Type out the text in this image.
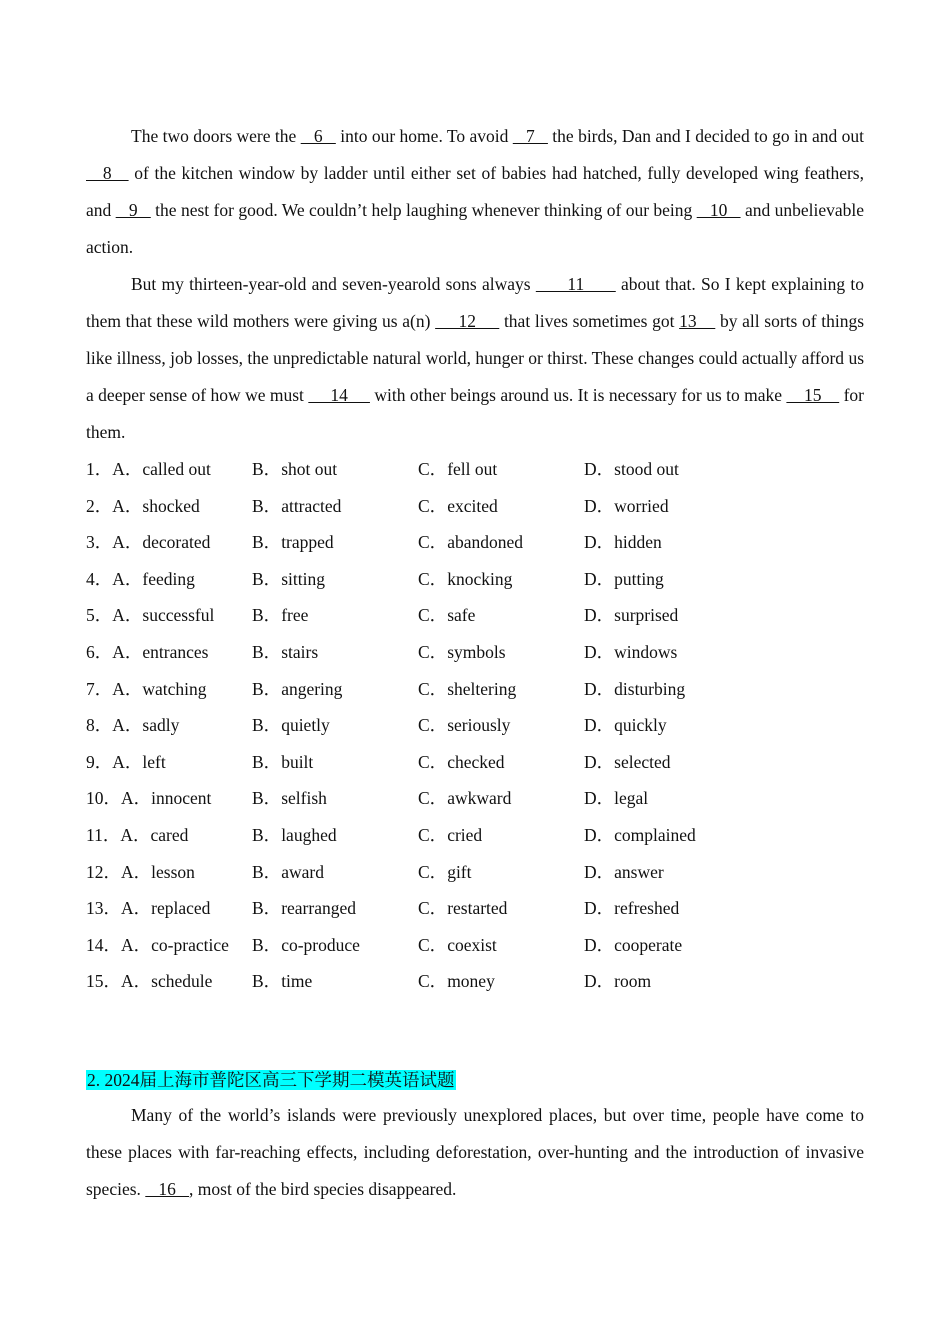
The two doors were the    6    into our home. To avoid    7    the birds, Dan and I decided to go in and out    8    of the kitchen window by ladder until either set of babies had hatched, fully developed wing feathers, and    9    the nest for good. We couldn’t help laughing whenever thinking of our being    10    and unbelievable action.

But my thirteen-year-old and seven-yearold sons always       11       about that. So I kept explaining to them that these wild mothers were giving us a(n)      12      that lives sometimes got 13     by all sorts of things like illness, job losses, the unpredictable natural world, hunger or thirst. These changes could actually afford us a deeper sense of how we must      14      with other beings around us. It is necessary for us to make     15     for them.

1． A． called out B． shot out	C． fell out	D． stood out
2． A． shocked	B． attracted	C． excited	D． worried
3． A． decorated B． trapped	C． abandoned	D． hidden
4． A． feeding	B． sitting	C． knocking	D． putting
5． A． successful B． free	C． safe	D． surprised
6． A． entrances B． stairs	C． symbols	D． windows
7． A． watching	B． angering	C． sheltering	D． disturbing
8． A． sadly	B． quietly	C． seriously	D． quickly
9． A． left	B． built	C． checked	D． selected
10． A． innocent B． selfish	C． awkward	D． legal
11． A． cared	B． laughed	C． cried	D． complained
12． A． lesson	B． award	C． gift	D． answer
13． A． replaced B． rearranged	C． restarted	D． refreshed
14． A． co-practice B． co-produce	C． coexist	D． cooperate
15． A． schedule B． time	C． money	D． room
2. 2024届上海市普陀区高三下学期二模英语试题

Many of the world’s islands were previously unexplored places, but over time, people have come to these places with far-reaching effects, including deforestation, over-hunting and the introduction of invasive species.    16   , most of the bird species disappeared.
